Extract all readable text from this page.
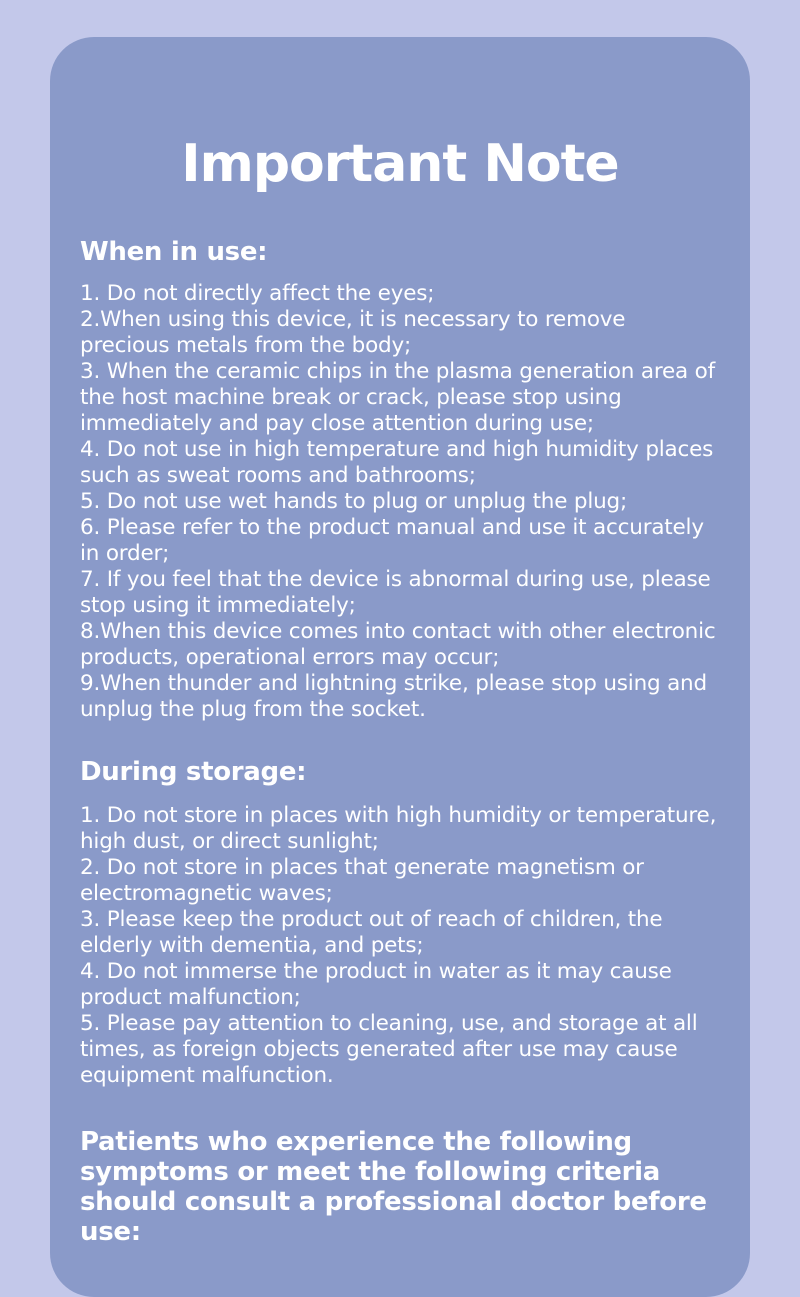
Important Note
When in use:
1. Do not directly affect the eyes;
2.When using this device, it is necessary to remove precious metals from the body;
3. When the ceramic chips in the plasma generation area of the host machine break or crack, please stop using immediately and pay close attention during use;
4. Do not use in high temperature and high humidity places such as sweat rooms and bathrooms;
5. Do not use wet hands to plug or unplug the plug;
6. Please refer to the product manual and use it accurately in order;
7. If you feel that the device is abnormal during use, please stop using it immediately;
8.When this device comes into contact with other electronic products, operational errors may occur;
9.When thunder and lightning strike, please stop using and unplug the plug from the socket.
During storage:
1. Do not store in places with high humidity or temperature, high dust, or direct sunlight;
2. Do not store in places that generate magnetism or electromagnetic waves;
3. Please keep the product out of reach of children, the elderly with dementia, and pets;
4. Do not immerse the product in water as it may cause product malfunction;
5. Please pay attention to cleaning, use, and storage at all times, as foreign objects generated after use may cause equipment malfunction.
Patients who experience the following symptoms or meet the following criteria should consult a professional doctor before use:
